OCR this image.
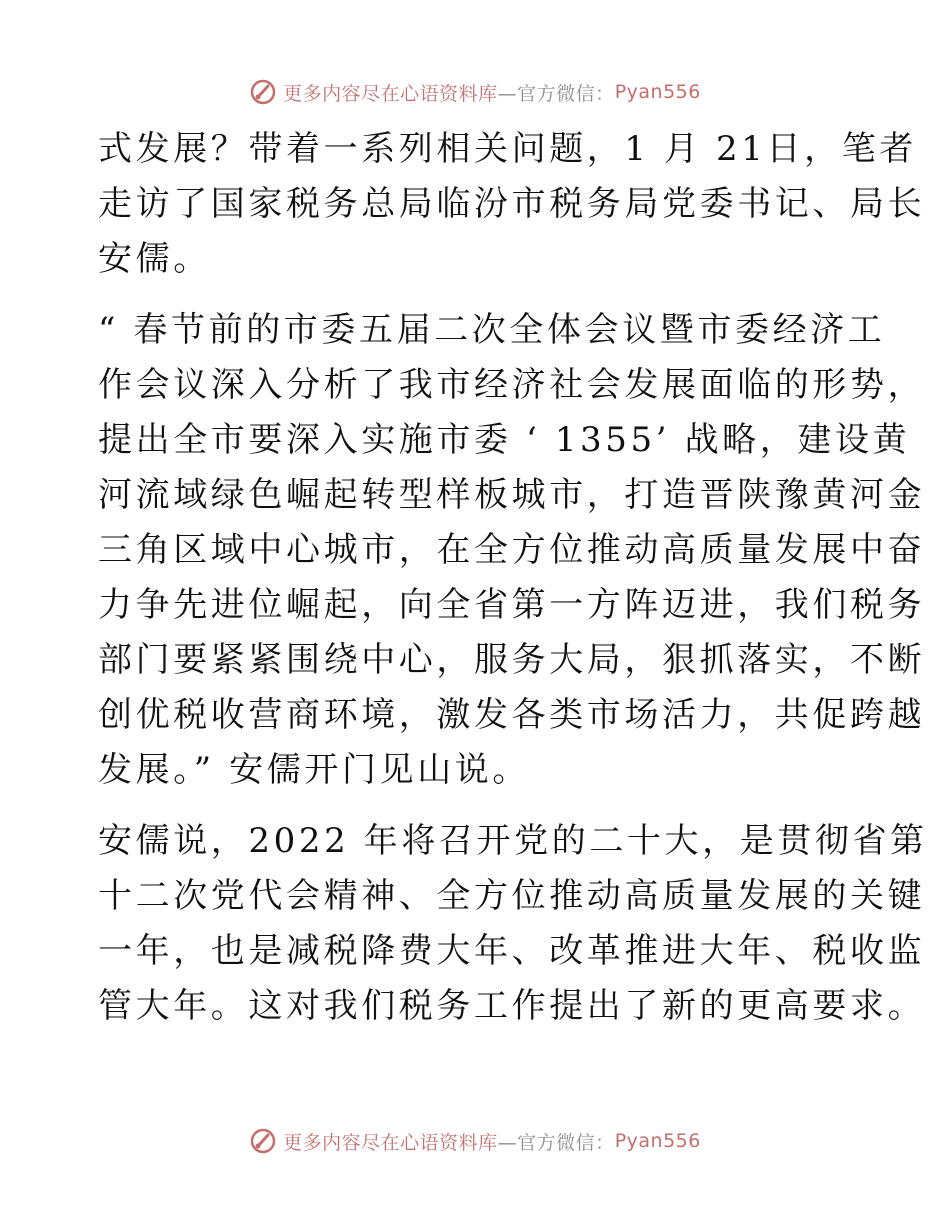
更多内容尽在心语资料库 —官方微信： Pyan556

式发展？带着一系列相关问题，1 月 21日，笔者
走访了国家税务总局临汾市税务局党委书记、局长
安儒。

“ 春节前的市委五届二次全体会议暨市委经济工
作会议深入分析了我市经济社会发展面临的形势，
提出全市要深入实施市委 ‘ 1355’ 战略，建设黄
河流域绿色崛起转型样板城市，打造晋陕豫黄河金
三角区域中心城市，在全方位推动高质量发展中奋
力争先进位崛起，向全省第一方阵迈进，我们税务
部门要紧紧围绕中心，服务大局，狠抓落实，不断
创优税收营商环境，激发各类市场活力，共促跨越
发展。” 安儒开门见山说。

安儒说，2022 年将召开党的二十大，是贯彻省第
十二次党代会精神、全方位推动高质量发展的关键
一年，也是减税降费大年、改革推进大年、税收监
管大年。这对我们税务工作提出了新的更高要求。

更多内容尽在心语资料库 —官方微信： Pyan556
